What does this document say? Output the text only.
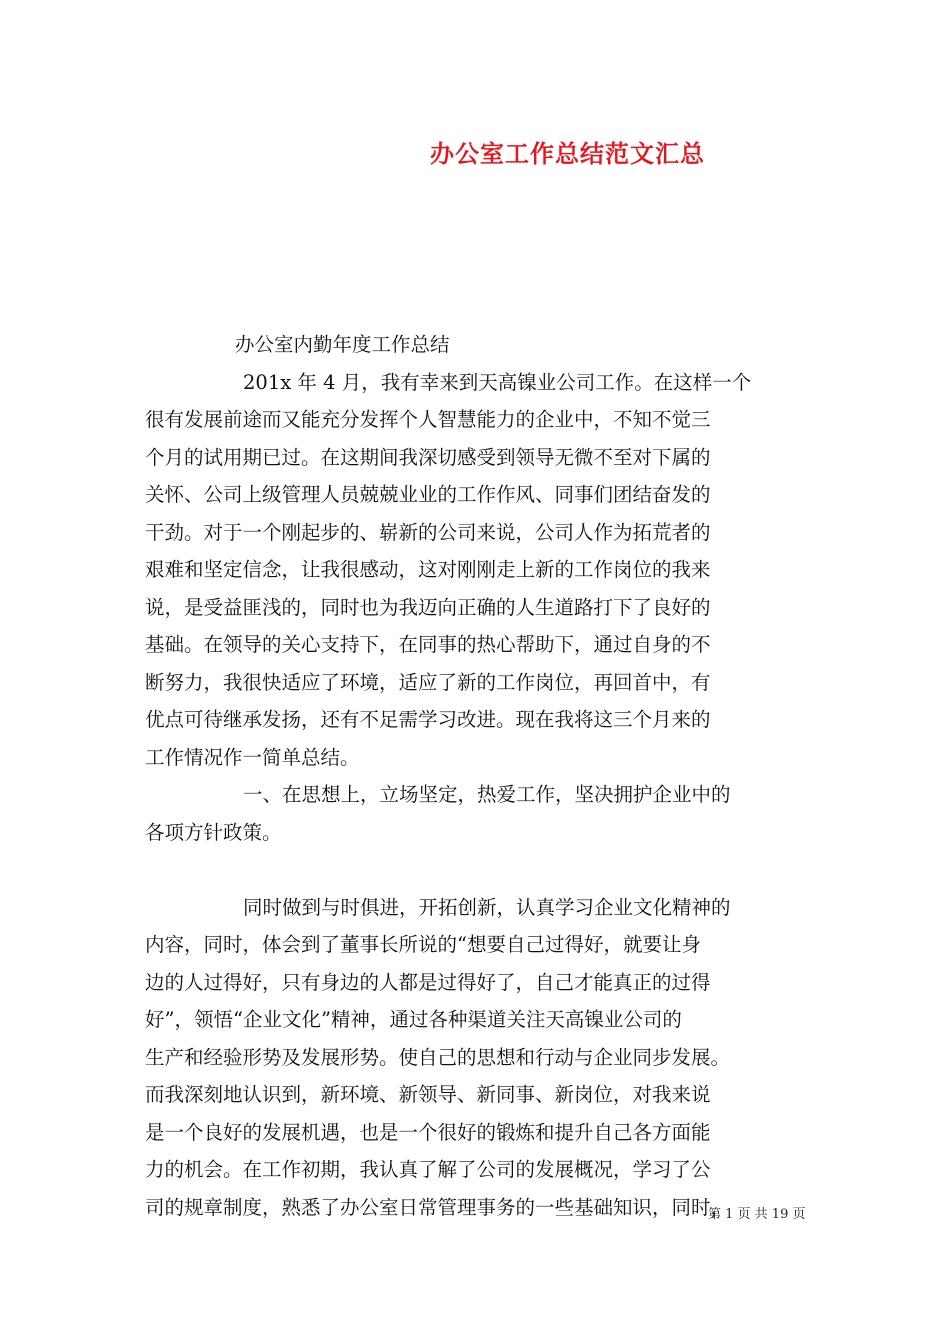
办公室工作总结范文汇总
办公室内勤年度工作总结
201x 年 4 月，我有幸来到天高镍业公司工作。在这样一个
很有发展前途而又能充分发挥个人智慧能力的企业中，不知不觉三
个月的试用期已过。在这期间我深切感受到领导无微不至对下属的
关怀、公司上级管理人员兢兢业业的工作作风、同事们团结奋发的
干劲。对于一个刚起步的、崭新的公司来说，公司人作为拓荒者的
艰难和坚定信念，让我很感动，这对刚刚走上新的工作岗位的我来
说，是受益匪浅的，同时也为我迈向正确的人生道路打下了良好的
基础。在领导的关心支持下，在同事的热心帮助下，通过自身的不
断努力，我很快适应了环境，适应了新的工作岗位，再回首中，有
优点可待继承发扬，还有不足需学习改进。现在我将这三个月来的
工作情况作一简单总结。
一、在思想上，立场坚定，热爱工作，坚决拥护企业中的
各项方针政策。
同时做到与时俱进，开拓创新，认真学习企业文化精神的
内容，同时，体会到了董事长所说的“想要自己过得好，就要让身
边的人过得好，只有身边的人都是过得好了，自己才能真正的过得
好”，领悟“企业文化”精神，通过各种渠道关注天高镍业公司的
生产和经验形势及发展形势。使自己的思想和行动与企业同步发展。
而我深刻地认识到，新环境、新领导、新同事、新岗位，对我来说
是一个良好的发展机遇，也是一个很好的锻炼和提升自己各方面能
力的机会。在工作初期，我认真了解了公司的发展概况，学习了公
司的规章制度，熟悉了办公室日常管理事务的一些基础知识，同时，
第 1 页 共 19 页
